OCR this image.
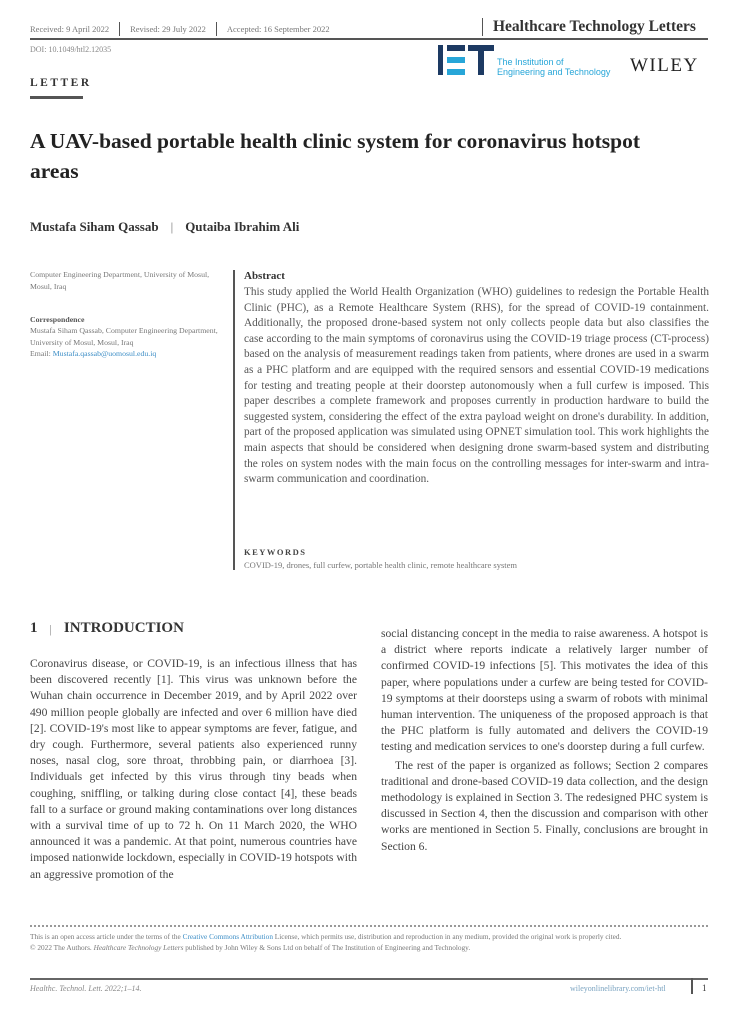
Received: 9 April 2022	Revised: 29 July 2022	Accepted: 16 September 2022	Healthcare Technology Letters
DOI: 10.1049/htl2.12035
The Institution of
Engineering and Technology WILEY
LETTER
A UAV-based portable health clinic system for coronavirus hotspot areas
Mustafa Siham Qassab | Qutaiba Ibrahim Ali
Computer Engineering Department, University of Mosul, Mosul, Iraq
Correspondence
Mustafa Siham Qassab, Computer Engineering Department, University of Mosul, Mosul, Iraq
Email: Mustafa.qassab@uomosul.edu.iq
Abstract
This study applied the World Health Organization (WHO) guidelines to redesign the Portable Health Clinic (PHC), as a Remote Healthcare System (RHS), for the spread of COVID-19 containment. Additionally, the proposed drone-based system not only collects people data but also classifies the case according to the main symptoms of coronavirus using the COVID-19 triage process (CT-process) based on the analysis of measurement readings taken from patients, where drones are used in a swarm as a PHC platform and are equipped with the required sensors and essential COVID-19 medications for testing and treating people at their doorstep autonomously when a full curfew is imposed. This paper describes a complete framework and proposes currently in production hardware to build the suggested system, considering the effect of the extra payload weight on drone's durability. In addition, part of the proposed application was simulated using OPNET simulation tool. This work highlights the main aspects that should be considered when designing drone swarm-based system and distributing the roles on system nodes with the main focus on the controlling messages for inter-swarm and intra-swarm communication and coordination.
KEYWORDS
COVID-19, drones, full curfew, portable health clinic, remote healthcare system
1 | INTRODUCTION
Coronavirus disease, or COVID-19, is an infectious illness that has been discovered recently [1]. This virus was unknown before the Wuhan chain occurrence in December 2019, and by April 2022 over 490 million people globally are infected and over 6 million have died [2]. COVID-19's most like to appear symptoms are fever, fatigue, and dry cough. Furthermore, several patients also experienced runny noses, nasal clog, sore throat, throbbing pain, or diarrhoea [3]. Individuals get infected by this virus through tiny beads when coughing, sniffling, or talking during close contact [4], these beads fall to a surface or ground making contaminations over long distances with a survival time of up to 72 h. On 11 March 2020, the WHO announced it was a pandemic. At that point, numerous countries have imposed nationwide lockdown, especially in COVID-19 hotspots with an aggressive promotion of the

social distancing concept in the media to raise awareness. A hotspot is a district where reports indicate a relatively larger number of confirmed COVID-19 infections [5]. This motivates the idea of this paper, where populations under a curfew are being tested for COVID-19 symptoms at their doorsteps using a swarm of robots with minimal human intervention. The uniqueness of the proposed approach is that the PHC platform is fully automated and delivers the COVID-19 testing and medication services to one's doorstep during a full curfew.

The rest of the paper is organized as follows; Section 2 compares traditional and drone-based COVID-19 data collection, and the design methodology is explained in Section 3. The redesigned PHC system is discussed in Section 4, then the discussion and comparison with other works are mentioned in Section 5. Finally, conclusions are brought in Section 6.

This is an open access article under the terms of the Creative Commons Attribution License, which permits use, distribution and reproduction in any medium, provided the original work is properly cited.
© 2022 The Authors. Healthcare Technology Letters published by John Wiley & Sons Ltd on behalf of The Institution of Engineering and Technology.
Healthc. Technol. Lett. 2022;1–14.	wileyonlinelibrary.com/iet-htl	1
